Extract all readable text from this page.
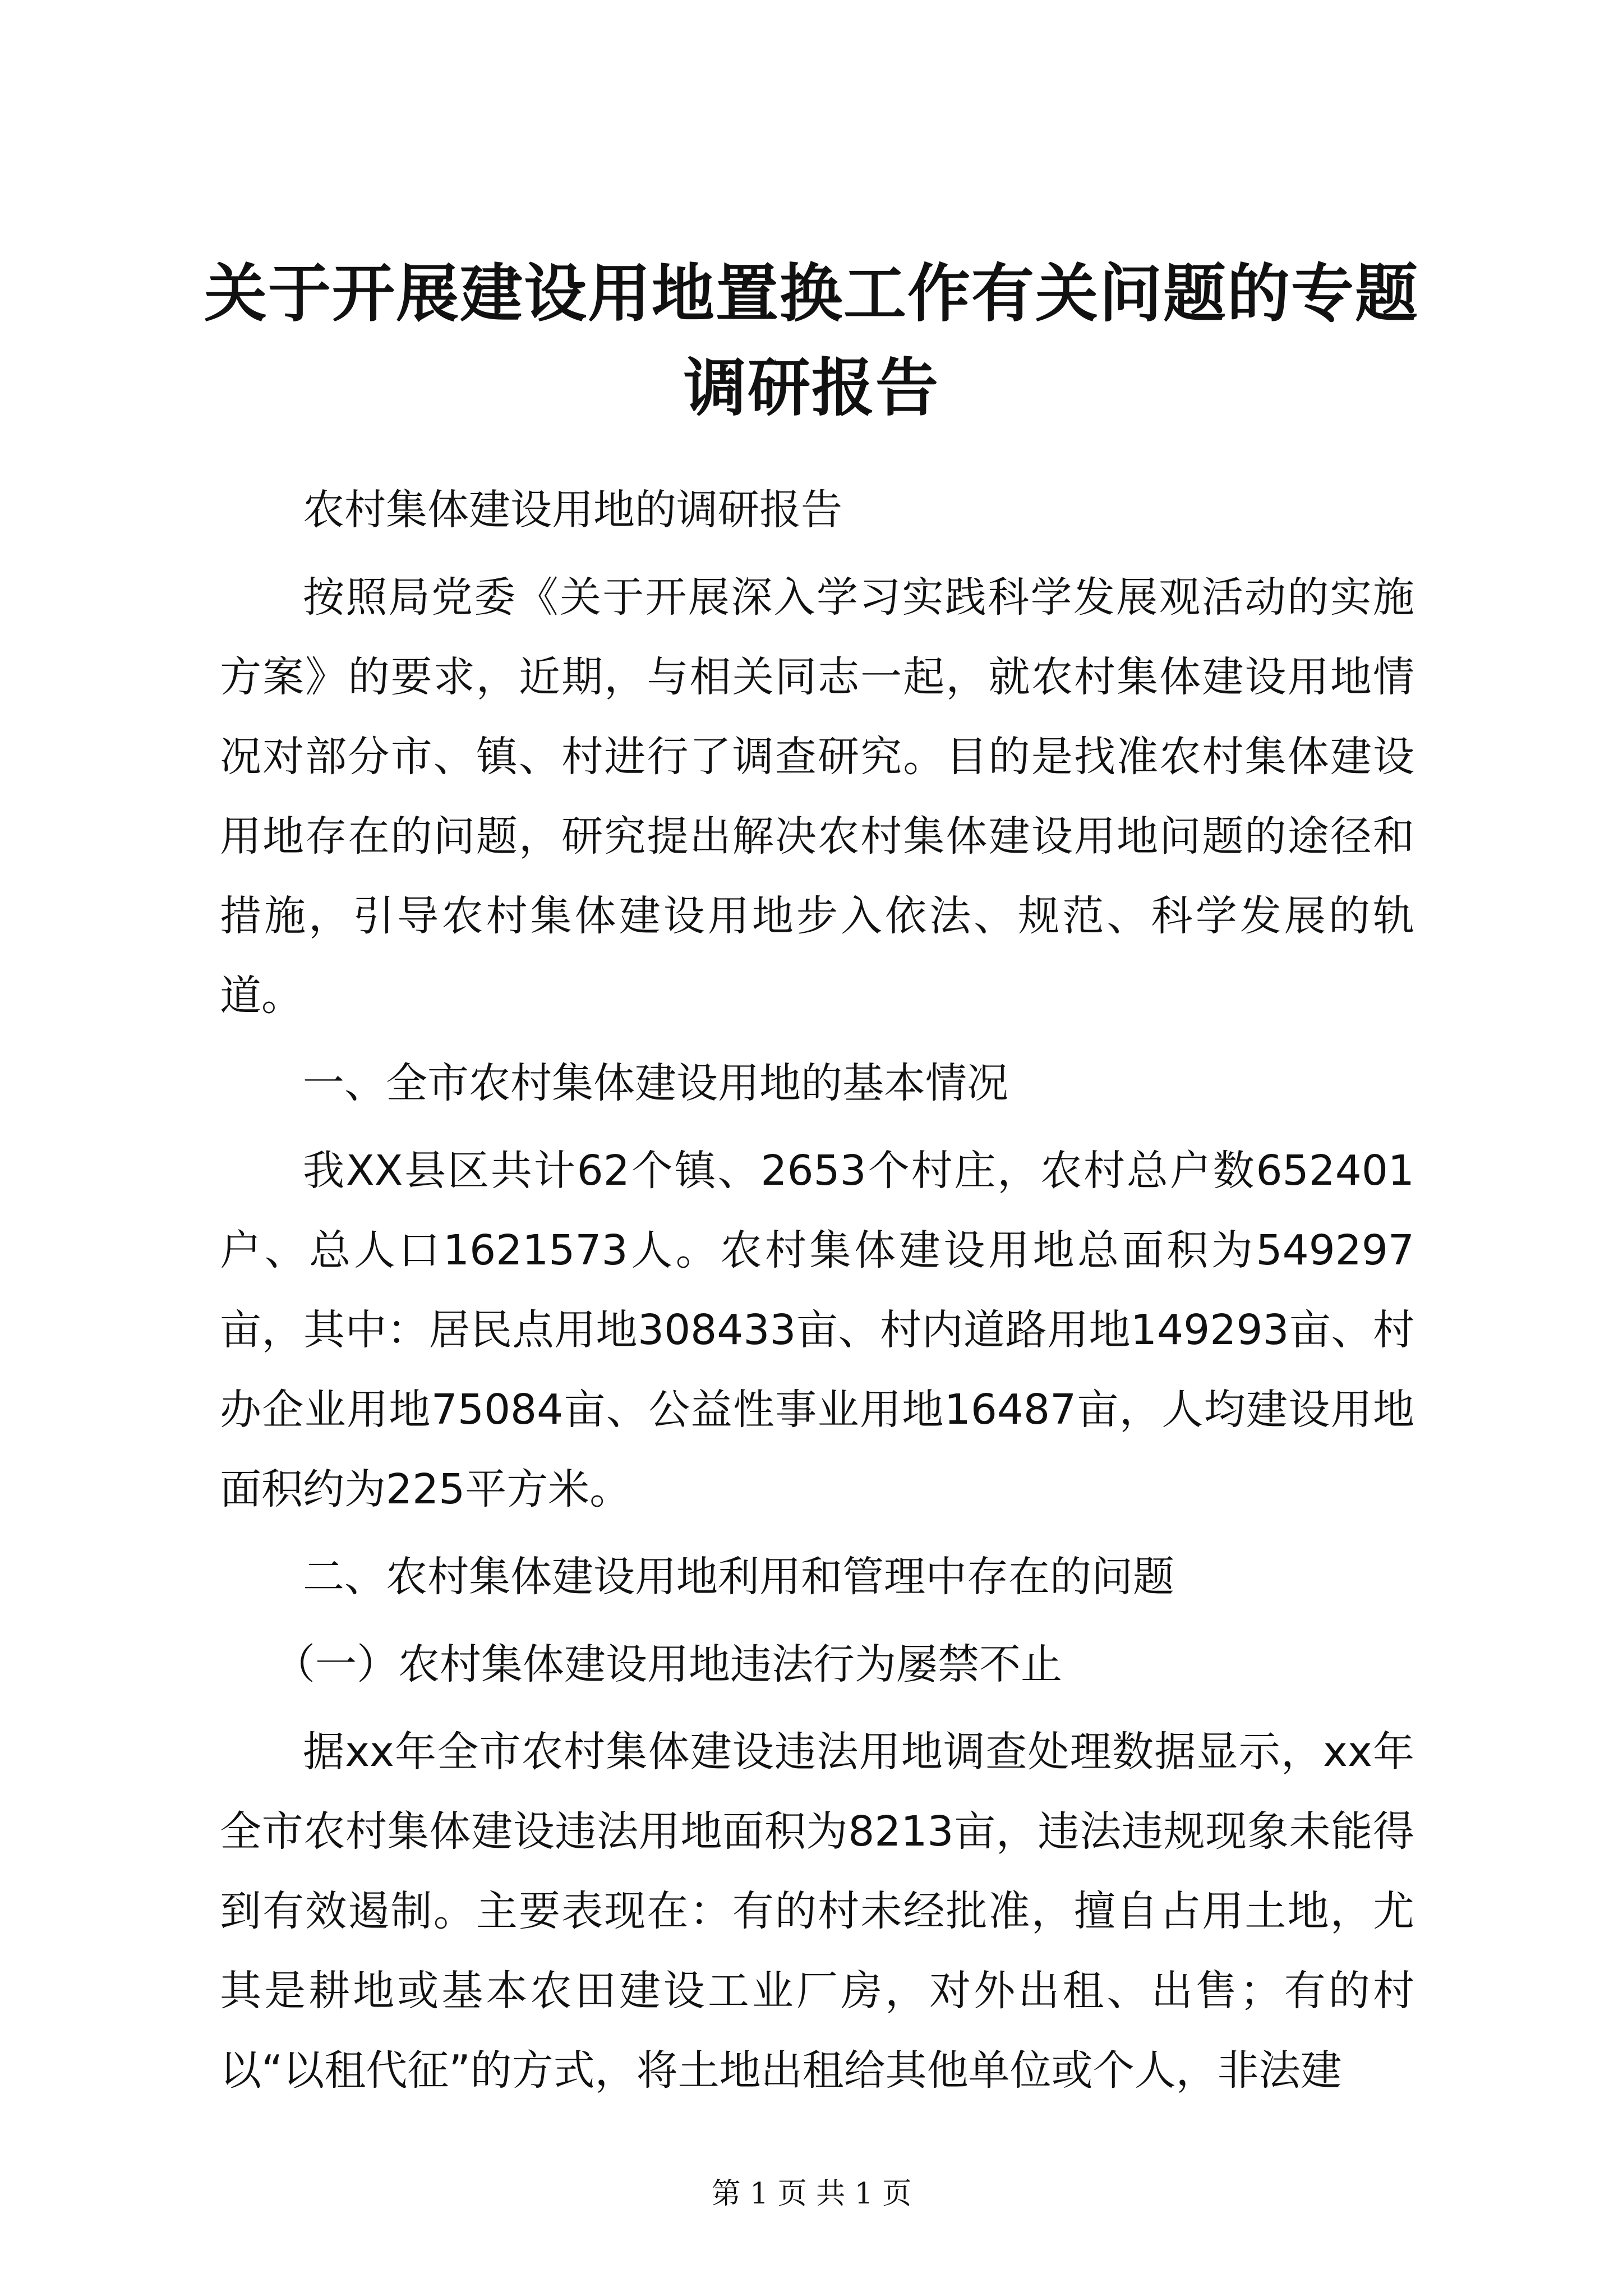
关于开展建设用地置换工作有关问题的专题调研报告

农村集体建设用地的调研报告

按照局党委《关于开展深入学习实践科学发展观活动的实施方案》的要求，近期，与相关同志一起，就农村集体建设用地情况对部分市、镇、村进行了调查研究。目的是找准农村集体建设用地存在的问题，研究提出解决农村集体建设用地问题的途径和措施，引导农村集体建设用地步入依法、规范、科学发展的轨道。

一、全市农村集体建设用地的基本情况

我XX县区共计62个镇、2653个村庄，农村总户数652401户、总人口1621573人。农村集体建设用地总面积为549297亩，其中：居民点用地308433亩、村内道路用地149293亩、村办企业用地75084亩、公益性事业用地16487亩，人均建设用地面积约为225平方米。

二、农村集体建设用地利用和管理中存在的问题

（一）农村集体建设用地违法行为屡禁不止

据xx年全市农村集体建设违法用地调查处理数据显示，xx年全市农村集体建设违法用地面积为8213亩，违法违规现象未能得到有效遏制。主要表现在：有的村未经批准，擅自占用土地，尤其是耕地或基本农田建设工业厂房，对外出租、出售；有的村以“以租代征”的方式，将土地出租给其他单位或个人，非法建

第 1 页 共 1 页
